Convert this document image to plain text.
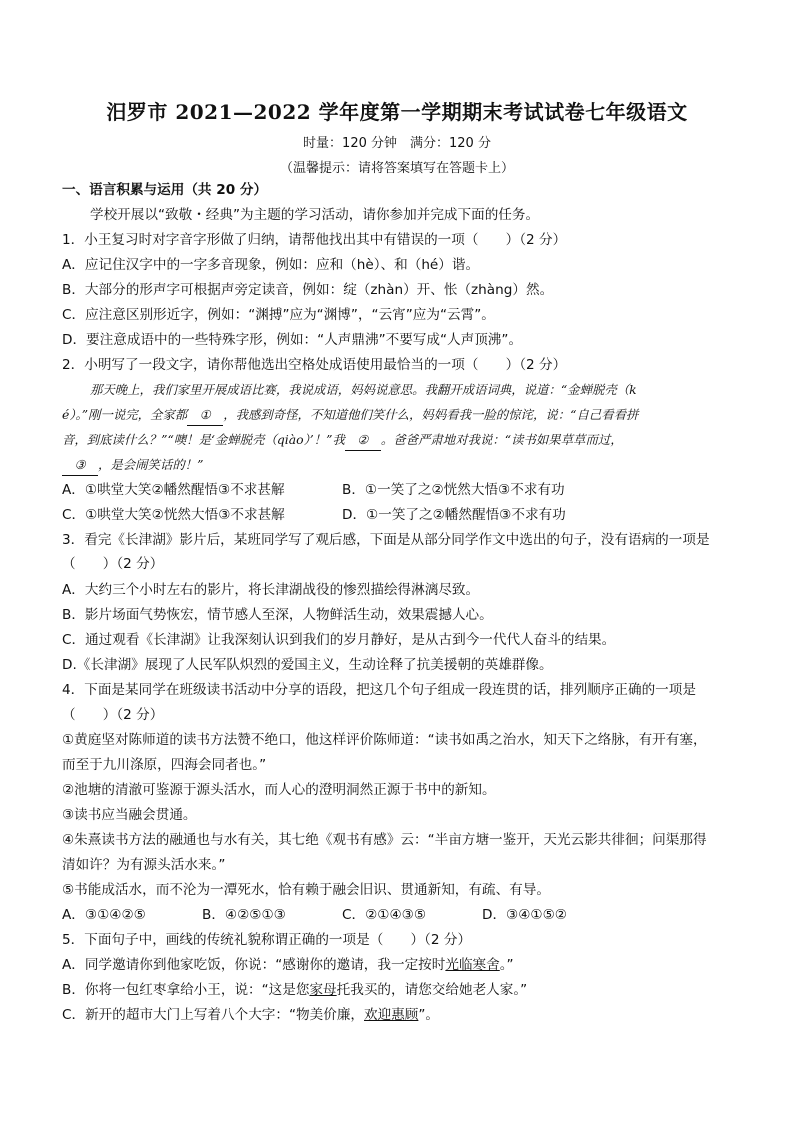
汨罗市 2021—2022 学年度第一学期期末考试试卷七年级语文
时量：120 分钟　满分：120 分
（温馨提示：请将答案填写在答题卡上）
一、语言积累与运用（共 20 分）
学校开展以“致敬・经典”为主题的学习活动，请你参加并完成下面的任务。
1．小王复习时对字音字形做了归纳，请帮他找出其中有错误的一项（　　）（2 分）
A．应记住汉字中的一字多音现象，例如：应和（hè）、和（hé）谐。
B．大部分的形声字可根据声旁定读音，例如：绽（zhàn）开、怅（zhàng）然。
C．应注意区别形近字，例如：“渊搏”应为“渊博”，“云宵”应为“云霄”。
D．要注意成语中的一些特殊字形，例如：“人声鼎沸”不要写成“人声顶沸”。
2．小明写了一段文字，请你帮他选出空格处成语使用最恰当的一项（　　）（2 分）
那天晚上，我们家里开展成语比赛，我说成语，妈妈说意思。我翻开成语词典，说道：“金蝉脱壳（k
é）。”刚一说完，全家都 ① ，我感到奇怪，不知道他们笑什么，妈妈看我一脸的惊诧，说：“自己看看拼
音，到底读什么？”“噢！是‘金蝉脱壳（qiào）’！”我 ② 。爸爸严肃地对我说：“读书如果草草而过，
③ ，是会闹笑话的！”
A．①哄堂大笑②幡然醒悟③不求甚解	B．①一笑了之②恍然大悟③不求有功
C．①哄堂大笑②恍然大悟③不求甚解	D．①一笑了之②幡然醒悟③不求有功
3．看完《长津湖》影片后，某班同学写了观后感，下面是从部分同学作文中选出的句子，没有语病的一项是
（　　）（2 分）
A．大约三个小时左右的影片，将长津湖战役的惨烈描绘得淋漓尽致。
B．影片场面气势恢宏，情节感人至深，人物鲜活生动，效果震撼人心。
C．通过观看《长津湖》让我深刻认识到我们的岁月静好，是从古到今一代代人奋斗的结果。
D.《长津湖》展现了人民军队炽烈的爱国主义，生动诠释了抗美援朝的英雄群像。
4．下面是某同学在班级读书活动中分享的语段，把这几个句子组成一段连贯的话，排列顺序正确的一项是
（　　）（2 分）
①黄庭坚对陈师道的读书方法赞不绝口，他这样评价陈师道：“读书如禹之治水，知天下之络脉，有开有塞，
而至于九川涤原，四海会同者也。”
②池塘的清澈可鉴源于源头活水，而人心的澄明洞然正源于书中的新知。
③读书应当融会贯通。
④朱熹读书方法的融通也与水有关，其七绝《观书有感》云：“半亩方塘一鉴开，天光云影共徘徊；问渠那得
清如许？为有源头活水来。”
⑤书能成活水，而不沦为一潭死水，恰有赖于融会旧识、贯通新知，有疏、有导。
A．③①④②⑤	B．④②⑤①③	C．②①④③⑤	D．③④①⑤②
5．下面句子中，画线的传统礼貌称谓正确的一项是（　　）（2 分）
A．同学邀请你到他家吃饭，你说：“感谢你的邀请，我一定按时光临寒舍。”
B．你将一包红枣拿给小王，说：“这是您家母托我买的，请您交给她老人家。”
C．新开的超市大门上写着八个大字：“物美价廉，欢迎惠顾”。
